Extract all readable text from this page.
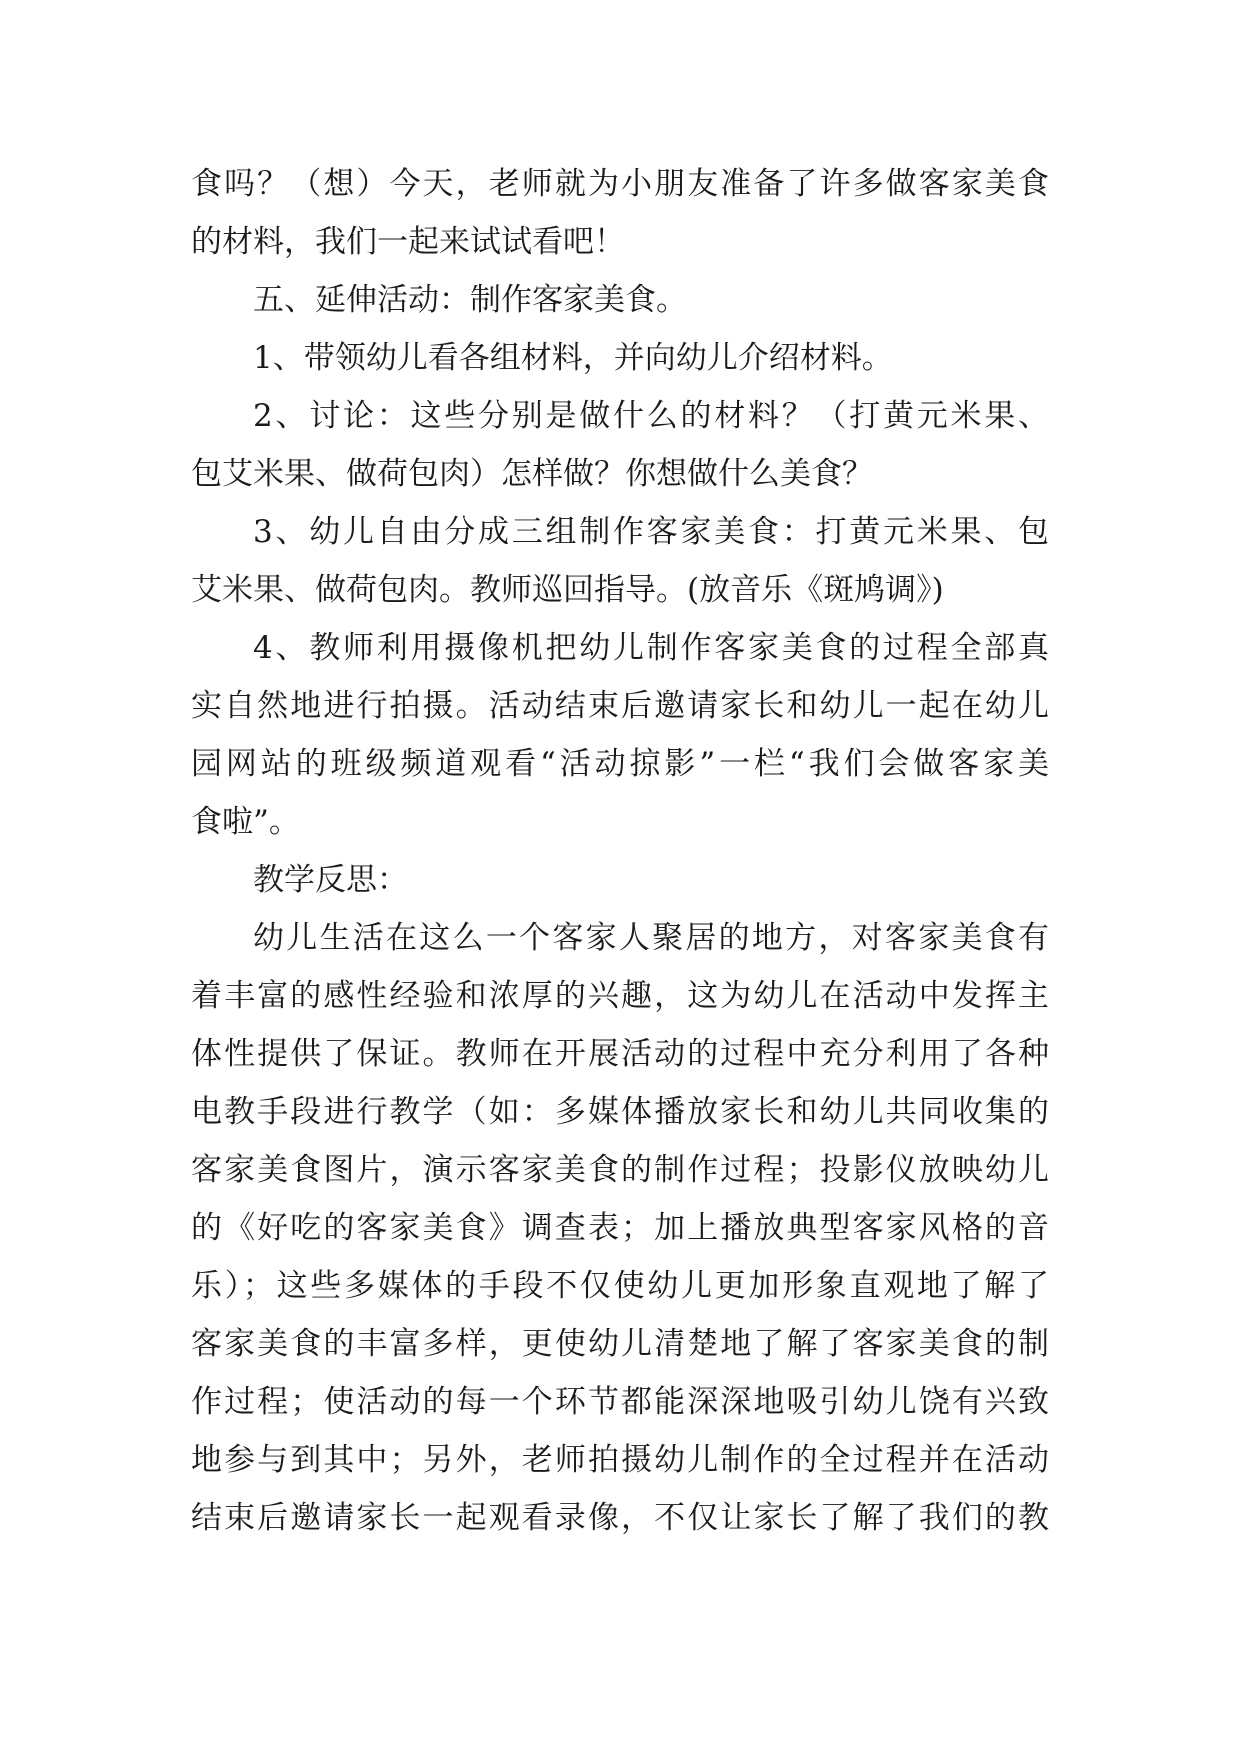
食吗？（想）今天，老师就为小朋友准备了许多做客家美食
的材料，我们一起来试试看吧！
五、延伸活动：制作客家美食。
1、带领幼儿看各组材料，并向幼儿介绍材料。
2、讨论：这些分别是做什么的材料？（打黄元米果、
包艾米果、做荷包肉）怎样做？你想做什么美食？
3、幼儿自由分成三组制作客家美食：打黄元米果、包
艾米果、做荷包肉。教师巡回指导。(放音乐《斑鸠调》)
4、教师利用摄像机把幼儿制作客家美食的过程全部真
实自然地进行拍摄。活动结束后邀请家长和幼儿一起在幼儿
园网站的班级频道观看“活动掠影”一栏“我们会做客家美
食啦”。
教学反思：
幼儿生活在这么一个客家人聚居的地方，对客家美食有
着丰富的感性经验和浓厚的兴趣，这为幼儿在活动中发挥主
体性提供了保证。教师在开展活动的过程中充分利用了各种
电教手段进行教学（如：多媒体播放家长和幼儿共同收集的
客家美食图片，演示客家美食的制作过程；投影仪放映幼儿
的《好吃的客家美食》调查表；加上播放典型客家风格的音
乐）；这些多媒体的手段不仅使幼儿更加形象直观地了解了
客家美食的丰富多样，更使幼儿清楚地了解了客家美食的制
作过程；使活动的每一个环节都能深深地吸引幼儿饶有兴致
地参与到其中；另外，老师拍摄幼儿制作的全过程并在活动
结束后邀请家长一起观看录像，不仅让家长了解了我们的教
